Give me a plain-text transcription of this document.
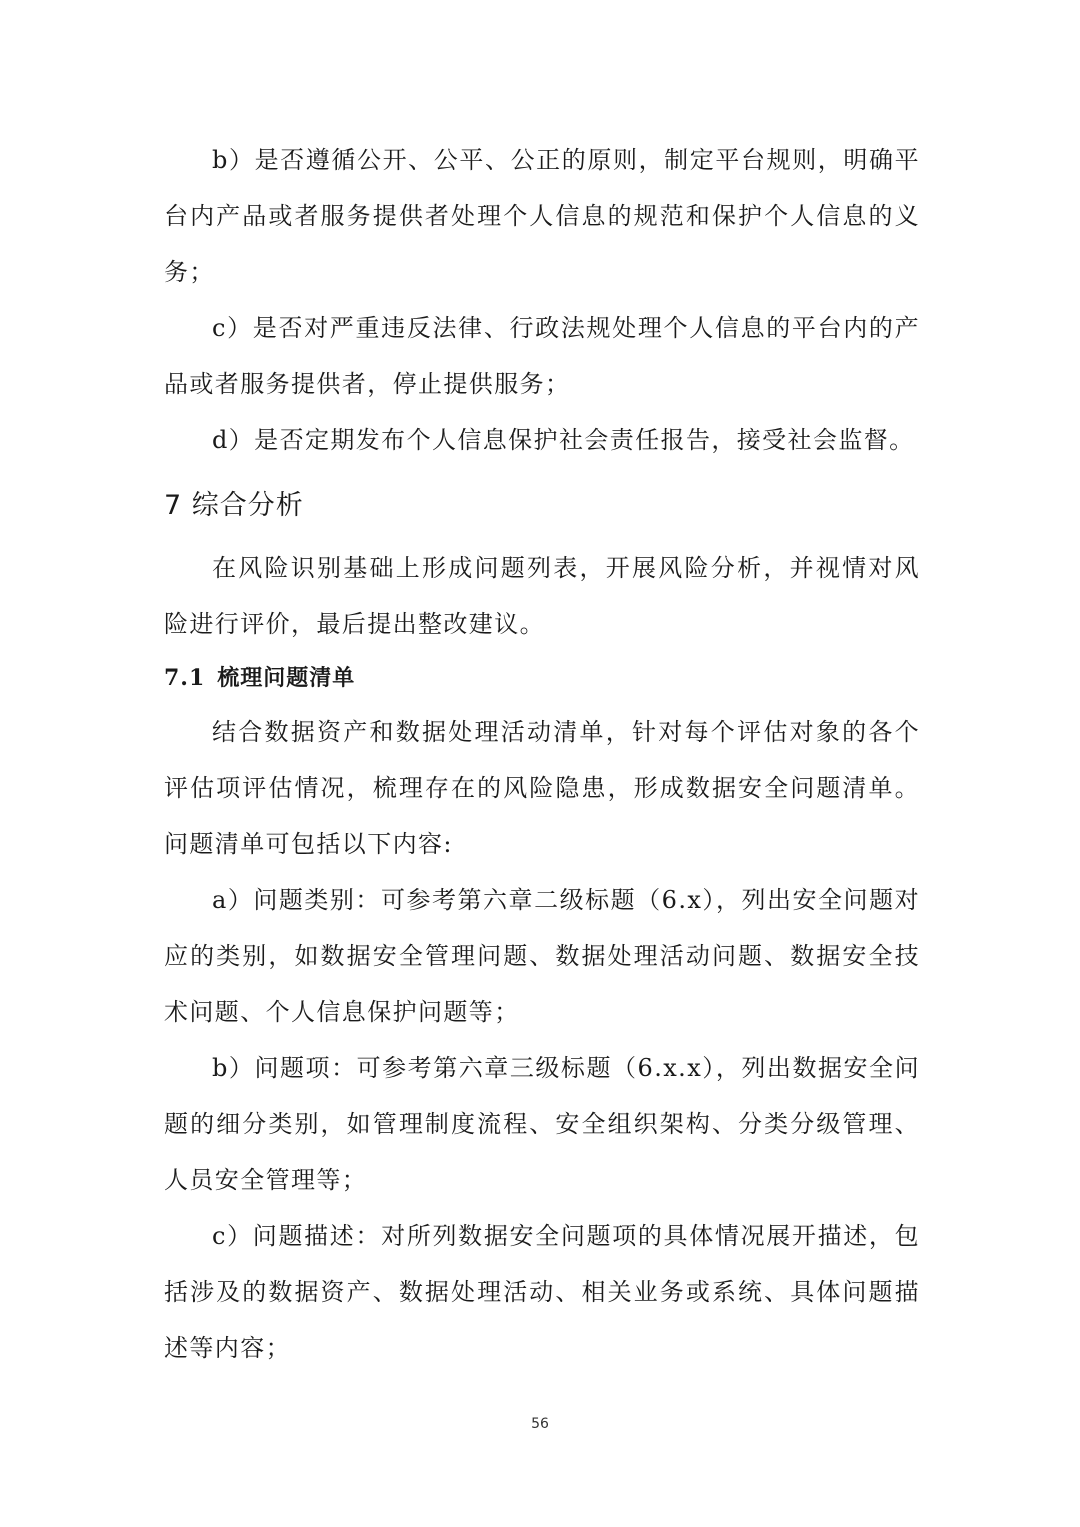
b）是否遵循公开、公平、公正的原则，制定平台规则，明确平台内产品或者服务提供者处理个人信息的规范和保护个人信息的义务；

c）是否对严重违反法律、行政法规处理个人信息的平台内的产品或者服务提供者，停止提供服务；

d）是否定期发布个人信息保护社会责任报告，接受社会监督。

7 综合分析

在风险识别基础上形成问题列表，开展风险分析，并视情对风险进行评价，最后提出整改建议。

7.1 梳理问题清单

结合数据资产和数据处理活动清单，针对每个评估对象的各个评估项评估情况，梳理存在的风险隐患，形成数据安全问题清单。问题清单可包括以下内容:

a）问题类别：可参考第六章二级标题（6.x），列出安全问题对应的类别，如数据安全管理问题、数据处理活动问题、数据安全技术问题、个人信息保护问题等；

b）问题项：可参考第六章三级标题（6.x.x），列出数据安全问题的细分类别，如管理制度流程、安全组织架构、分类分级管理、人员安全管理等；

c）问题描述：对所列数据安全问题项的具体情况展开描述，包括涉及的数据资产、数据处理活动、相关业务或系统、具体问题描述等内容；

56
